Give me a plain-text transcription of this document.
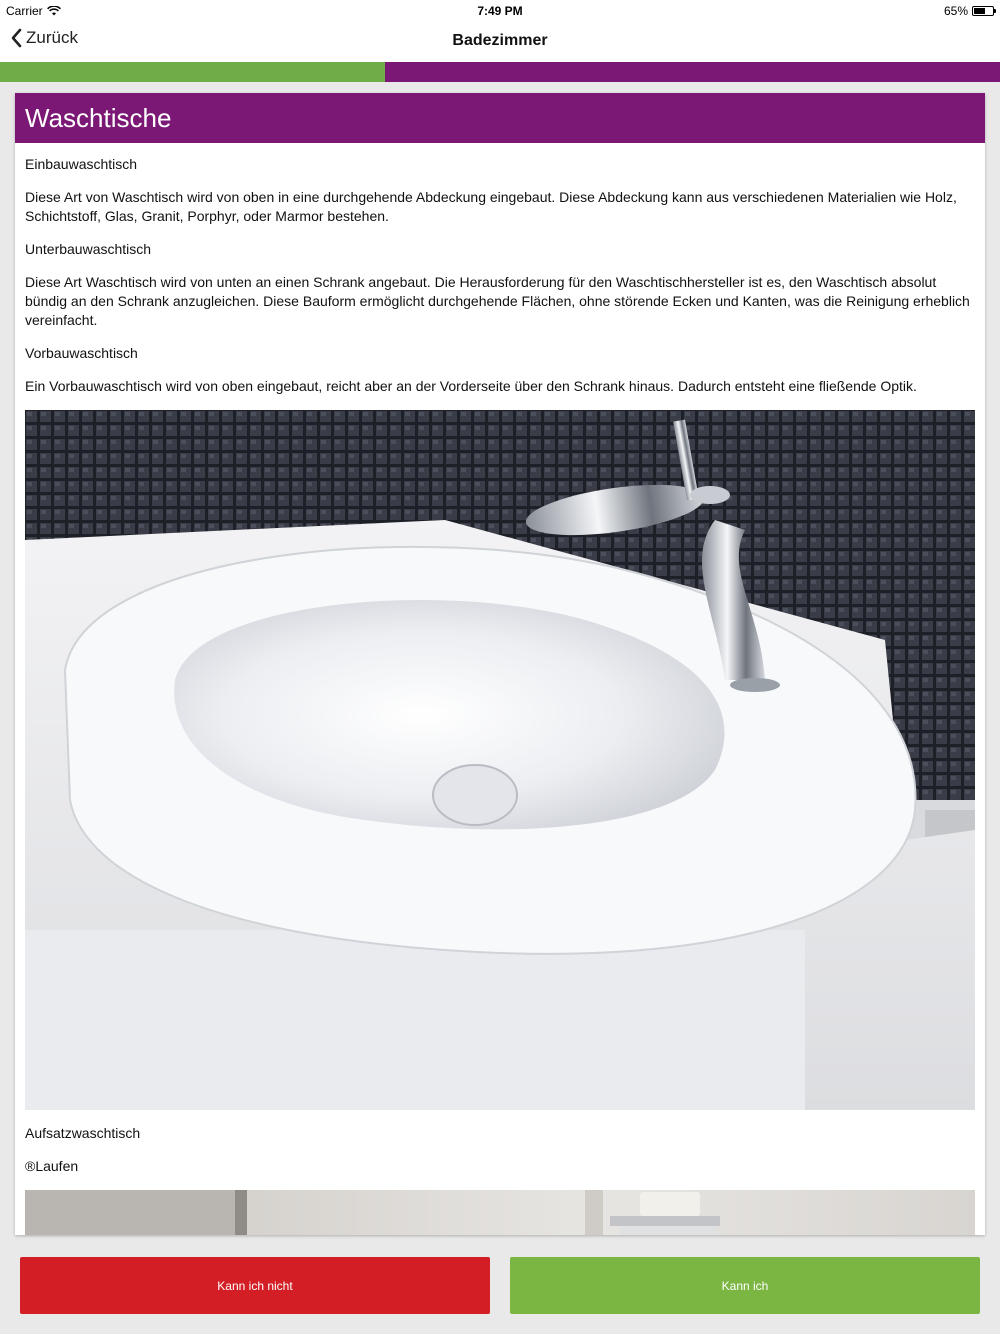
Carrier	7:49 PM	65%
Zurück	Badezimmer
Waschtische

Einbauwaschtisch

Diese Art von Waschtisch wird von oben in eine durchgehende Abdeckung eingebaut. Diese Abdeckung kann aus verschiedenen Materialien wie Holz, Schichtstoff, Glas, Granit, Porphyr, oder Marmor bestehen.

Unterbauwaschtisch

Diese Art Waschtisch wird von unten an einen Schrank angebaut. Die Herausforderung für den Waschtischhersteller ist es, den Waschtisch absolut bündig an den Schrank anzugleichen. Diese Bauform ermöglicht durchgehende Flächen, ohne störende Ecken und Kanten, was die Reinigung erheblich vereinfacht.

Vorbauwaschtisch

Ein Vorbauwaschtisch wird von oben eingebaut, reicht aber an der Vorderseite über den Schrank hinaus. Dadurch entsteht eine fließende Optik.

Aufsatzwaschtisch

®Laufen

Kann ich nicht	Kann ich
